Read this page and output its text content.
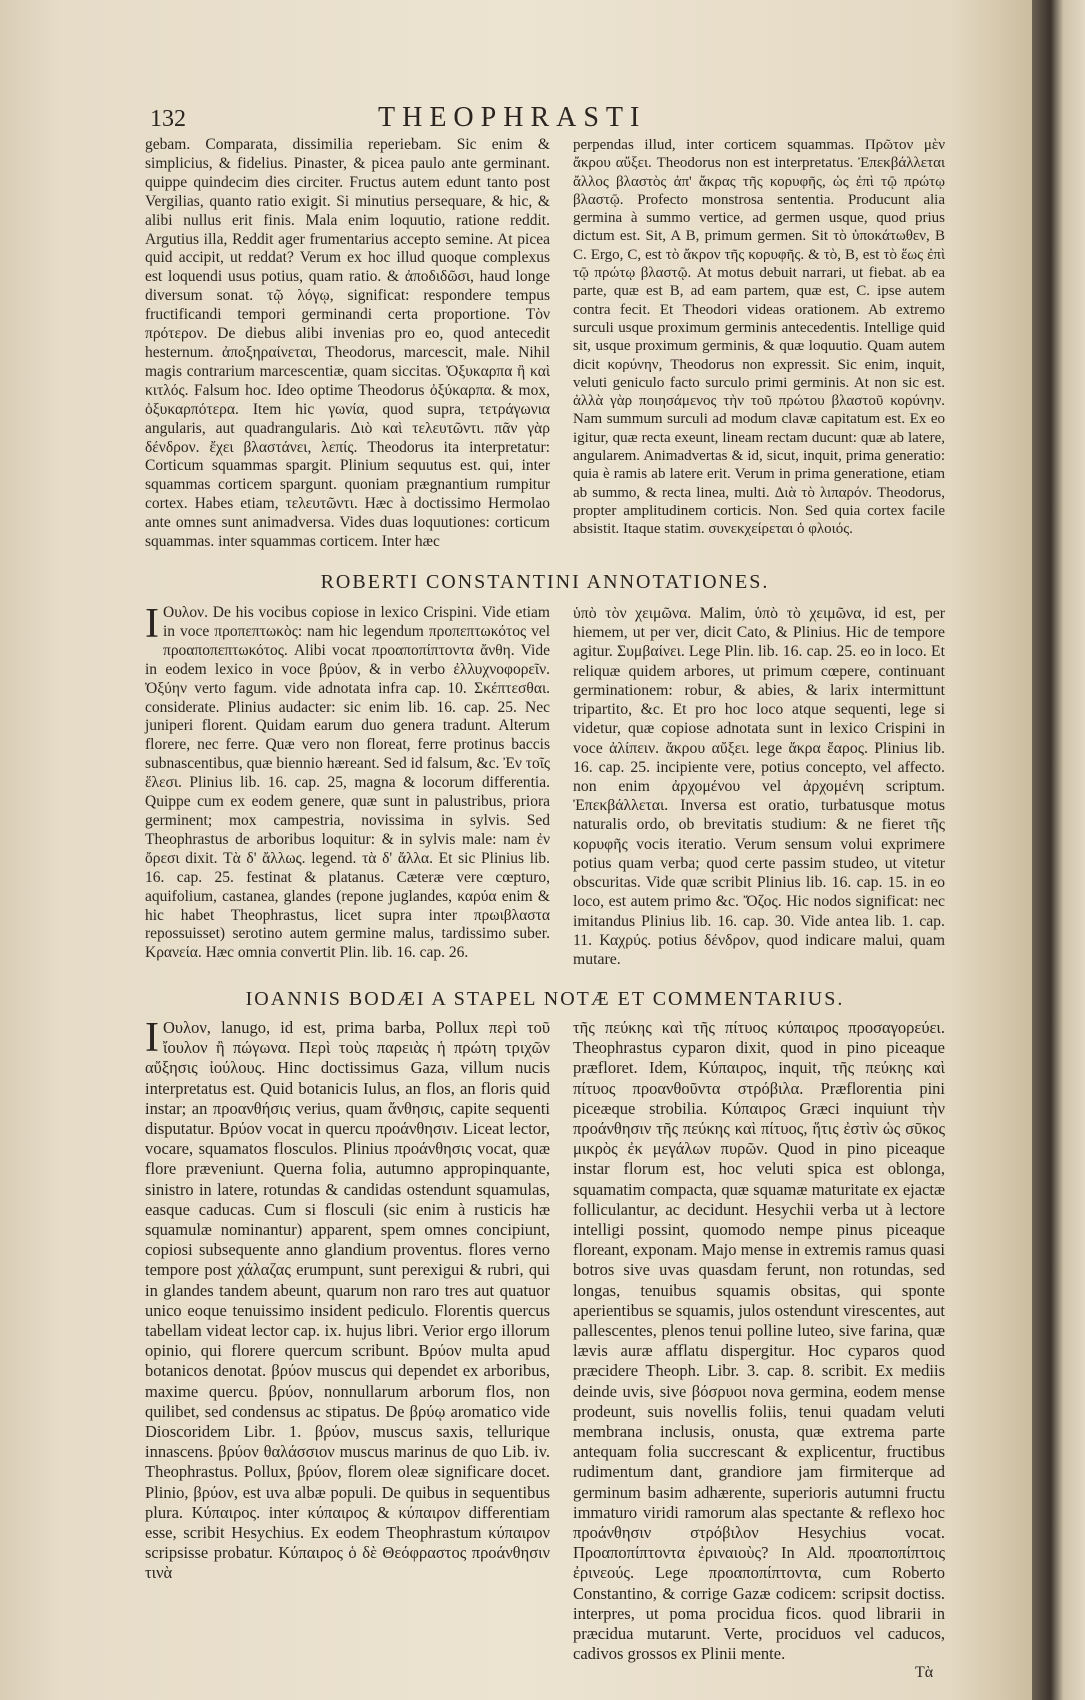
132	THEOPHRASTI

gebam. Comparata, dissimilia reperiebam. Sic enim & simplicius, & fidelius. Pinaster, & picea paulo ante germinant. quippe quindecim dies circiter. Fructus autem edunt tanto post Vergilias, quanto ratio exigit. Si minutius persequare, & hic, & alibi nullus erit finis. Mala enim loquutio, ratione reddit. Argutius illa, Reddit ager frumentarius accepto semine. At picea quid accipit, ut reddat? Verum ex hoc illud quoque complexus est loquendi usus potius, quam ratio. & ἀποδιδῶσι, haud longe diversum sonat. τῷ λόγῳ, significat: respondere tempus fructificandi tempori germinandi certa proportione. Τὸν πρότερον. De diebus alibi invenias pro eo, quod antecedit hesternum. ἀποξηραίνεται, Theodorus, marcescit, male. Nihil magis contrarium marcescentiæ, quam siccitas. Ὀξυκαρπα ἢ καὶ κιτλός. Falsum hoc. Ideo optime Theodorus ὀξύκαρπα. & mox, ὀξυκαρπότερα. Item hic γωνία, quod supra, τετράγωνια angularis, aut quadrangularis. Διὸ καὶ τελευτῶντι. πᾶν γὰρ δένδρον. ἔχει βλαστάνει, λεπίς. Theodorus ita interpretatur: Corticum squammas spargit. Plinium sequutus est. qui, inter squammas corticem spargunt. quoniam prægnantium rumpitur cortex. Habes etiam, τελευτῶντι. Hæc à doctissimo Hermolao ante omnes sunt animadversa. Vides duas loquutiones: corticum squammas. inter squammas corticem. Inter hæc

perpendas illud, inter corticem squammas. Πρῶτον μὲν ἄκρου αὔξει. Theodorus non est interpretatus. Ἐπεκβάλλεται ἄλλος βλαστὸς ἀπ' ἄκρας τῆς κορυφῆς, ὡς ἐπὶ τῷ πρώτῳ βλαστῷ. Profecto monstrosa sententia. Producunt alia germina à summo vertice, ad germen usque, quod prius dictum est. Sit, A B, primum germen. Sit τὸ ὑποκάτωθεν, B C. Ergo, C, est τὸ ἄκρον τῆς κορυφῆς. & τὸ, B, est τὸ ἕως ἐπὶ τῷ πρώτῳ βλαστῷ. At motus debuit narrari, ut fiebat. ab ea parte, quæ est B, ad eam partem, quæ est, C. ipse autem contra fecit. Et Theodori videas orationem. Ab extremo surculi usque proximum germinis antecedentis. Intellige quid sit, usque proximum germinis, & quæ loquutio. Quam autem dicit κορύνην, Theodorus non expressit. Sic enim, inquit, veluti geniculo facto surculo primi germinis. At non sic est. ἀλλὰ γὰρ ποιησάμενος τὴν τοῦ πρώτου βλαστοῦ κορύνην. Nam summum surculi ad modum clavæ capitatum est. Ex eo igitur, quæ recta exeunt, lineam rectam ducunt: quæ ab latere, angularem. Animadvertas & id, sicut, inquit, prima generatio: quia è ramis ab latere erit. Verum in prima generatione, etiam ab summo, & recta linea, multi. Διὰ τὸ λιπαρόν. Theodorus, propter amplitudinem corticis. Non. Sed quia cortex facile absistit. Itaque statim. συνεκχείρεται ὁ φλοιός.

ROBERTI CONSTANTINI ANNOTATIONES.
I Ουλον. De his vocibus copiose in lexico Crispini. Vide etiam in voce προπεπτωκὸς: nam hic legendum προπεπτωκότος vel προαποπεπτωκότος. Alibi vocat προαποπίπτοντα ἄνθη. Vide in eodem lexico in voce βρύον, & in verbo ἐλλυχνοφορεῖν. Ὀξύην verto fagum. vide adnotata infra cap. 10. Σκέπτεσθαι. considerate. Plinius audacter: sic enim lib. 16. cap. 25. Nec juniperi florent. Quidam earum duo genera tradunt. Alterum florere, nec ferre. Quæ vero non floreat, ferre protinus baccis subnascentibus, quæ biennio hæreant. Sed id falsum, &c. Ἐν τοῖς ἕλεσι. Plinius lib. 16. cap. 25, magna & locorum differentia. Quippe cum ex eodem genere, quæ sunt in palustribus, priora germinent; mox campestria, novissima in sylvis. Sed Theophrastus de arboribus loquitur: & in sylvis male: nam ἐν ὄρεσι dixit. Τὰ δ' ἄλλως. legend. τὰ δ' ἄλλα. Et sic Plinius lib. 16. cap. 25. festinat & platanus. Cæteræ vere cœpturo, aquifolium, castanea, glandes (repone juglandes, καρύα enim & hic habet Theophrastus, licet supra inter πρωιβλαστα repossuisset) serotino autem germine malus, tardissimo suber. Κρανεία. Hæc omnia convertit Plin. lib. 16. cap. 26.

ὑπὸ τὸν χειμῶνα. Malim, ὑπὸ τὸ χειμῶνα, id est, per hiemem, ut per ver, dicit Cato, & Plinius. Hic de tempore agitur. Συμβαίνει. Lege Plin. lib. 16. cap. 25. eo in loco. Et reliquæ quidem arbores, ut primum cœpere, continuant germinationem: robur, & abies, & larix intermittunt tripartito, &c. Et pro hoc loco atque sequenti, lege si videtur, quæ copiose adnotata sunt in lexico Crispini in voce ἀλίπειν. ἄκρου αὔξει. lege ἄκρα ἔαρος. Plinius lib. 16. cap. 25. incipiente vere, potius concepto, vel affecto. non enim ἀρχομένου vel ἀρχομένη scriptum. Ἐπεκβάλλεται. Inversa est oratio, turbatusque motus naturalis ordo, ob brevitatis studium: & ne fieret τῆς κορυφῆς vocis iteratio. Verum sensum volui exprimere potius quam verba; quod certe passim studeo, ut vitetur obscuritas. Vide quæ scribit Plinius lib. 16. cap. 15. in eo loco, est autem primo &c. Ὄζος. Hic nodos significat: nec imitandus Plinius lib. 16. cap. 30. Vide antea lib. 1. cap. 11. Καχρύς. potius δένδρον, quod indicare malui, quam mutare.

IOANNIS BODÆI A STAPEL NOTÆ ET COMMENTARIUS.
I Ουλον, lanugo, id est, prima barba, Pollux περὶ τοῦ ἴουλον ἢ πώγωνα. Περὶ τοὺς παρειὰς ἡ πρώτη τριχῶν αὔξησις ἰούλους. Hinc doctissimus Gaza, villum nucis interpretatus est. Quid botanicis Iulus, an flos, an floris quid instar; an προανθήσις verius, quam ἄνθησις, capite sequenti disputatur. Βρύον vocat in quercu προάνθησιν. Liceat lector, vocare, squamatos flosculos. Plinius προάνθησις vocat, quæ flore præveniunt. Querna folia, autumno appropinquante, sinistro in latere, rotundas & candidas ostendunt squamulas, easque caducas. Cum si flosculi (sic enim à rusticis hæ squamulæ nominantur) apparent, spem omnes concipiunt, copiosi subsequente anno glandium proventus. flores verno tempore post χάλαζας erumpunt, sunt perexigui & rubri, qui in glandes tandem abeunt, quarum non raro tres aut quatuor unico eoque tenuissimo insident pediculo. Florentis quercus tabellam videat lector cap. ix. hujus libri. Verior ergo illorum opinio, qui florere quercum scribunt. Βρύον multa apud botanicos denotat. βρύον muscus qui dependet ex arboribus, maxime quercu. βρύον, nonnullarum arborum flos, non quilibet, sed condensus ac stipatus. De βρύῳ aromatico vide Dioscoridem Libr. 1. βρύον, muscus saxis, tellurique innascens. βρύον θαλάσσιον muscus marinus de quo Lib. iv. Theophrastus. Pollux, βρύον, florem oleæ significare docet. Plinio, βρύον, est uva albæ populi. De quibus in sequentibus plura. Κύπαιρος. inter κύπαιρος & κύπαιρον differentiam esse, scribit Hesychius. Ex eodem Theophrastum κύπαιρον scripsisse probatur. Κύπαιρος ὁ δὲ Θεόφραστος προάνθησιν τινὰ

τῆς πεύκης καὶ τῆς πίτυος κύπαιρος προσαγορεύει. Theophrastus cyparon dixit, quod in pino piceaque præfloret. Idem, Κύπαιρος, inquit, τῆς πεύκης καὶ πίτυος προανθοῦντα στρόβιλα. Præflorentia pini piceæque strobilia. Κύπαιρος Græci inquiunt τὴν προάνθησιν τῆς πεύκης καὶ πίτυος, ἥτις ἐστὶν ὡς σῦκος μικρὸς ἐκ μεγάλων πυρῶν. Quod in pino piceaque instar florum est, hoc veluti spica est oblonga, squamatim compacta, quæ squamæ maturitate ex ejactæ folliculantur, ac decidunt. Hesychii verba ut à lectore intelligi possint, quomodo nempe pinus piceaque floreant, exponam. Majo mense in extremis ramus quasi botros sive uvas quasdam ferunt, non rotundas, sed longas, tenuibus squamis obsitas, qui sponte aperientibus se squamis, julos ostendunt virescentes, aut pallescentes, plenos tenui polline luteo, sive farina, quæ lævis auræ afflatu dispergitur. Hoc cyparos quod præcidere Theoph. Libr. 3. cap. 8. scribit. Ex mediis deinde uvis, sive βόσρυοι nova germina, eodem mense prodeunt, suis novellis foliis, tenui quadam veluti membrana inclusis, onusta, quæ extrema parte antequam folia succrescant & explicentur, fructibus rudimentum dant, grandiore jam firmiterque ad germinum basim adhærente, superioris autumni fructu immaturo viridi ramorum alas spectante & reflexo hoc προάνθησιν στρόβιλον Hesychius vocat. Προαποπίπτοντα ἐριναιοὺς? In Ald. προαποπίπτοις ἐρινεούς. Lege προαποπίπτοντα, cum Roberto Constantino, & corrige Gazæ codicem: scripsit doctiss. interpres, ut poma procidua ficos. quod librarii in præcidua mutarunt. Verte, prociduos vel caducos, cadivos grossos ex Plinii mente.

Τὰ
